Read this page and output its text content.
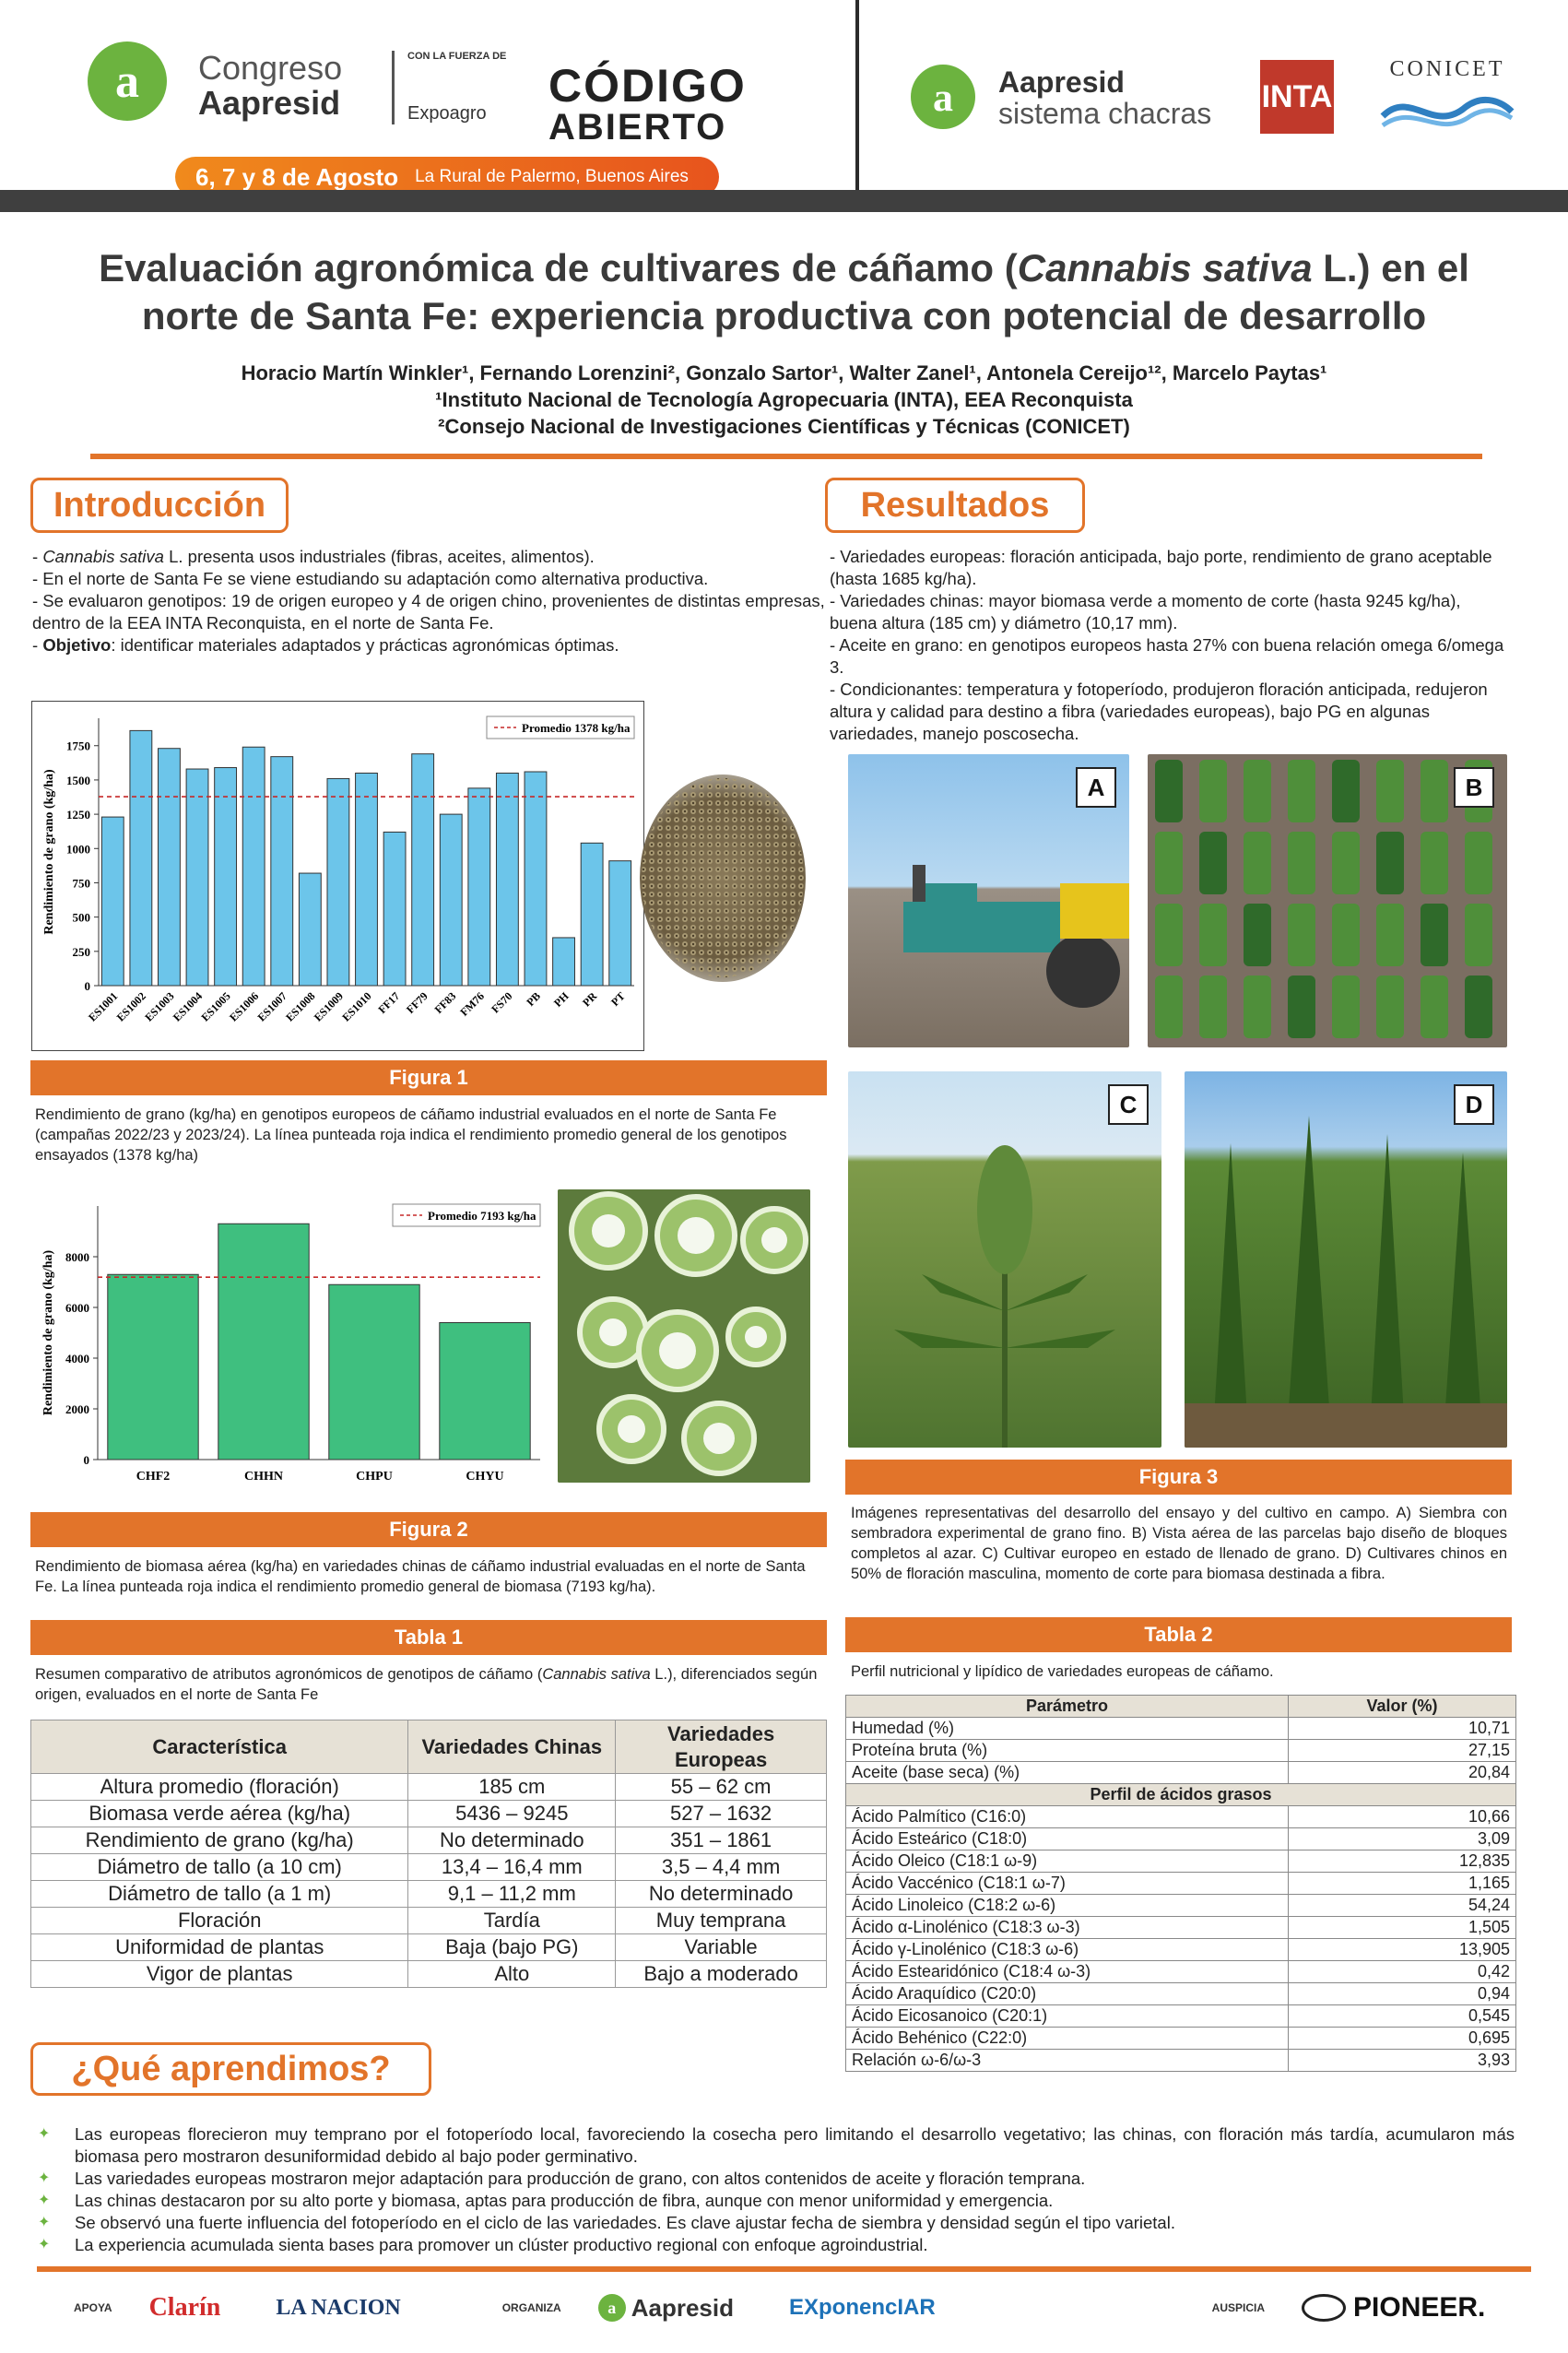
a	Congreso
Aapresid
CON LA FUERZA DE
Expoagro
CÓDIGO
ABIERTO
6, 7 y 8 de Agosto La Rural de Palermo, Buenos Aires
a	Aapresid
sistema chacras INTA
CONICET
Evaluación agronómica de cultivares de cáñamo (Cannabis sativa L.) en el
norte de Santa Fe: experiencia productiva con potencial de desarrollo
Horacio Martín Winkler¹, Fernando Lorenzini², Gonzalo Sartor¹, Walter Zanel¹, Antonela Cereijo¹², Marcelo Paytas¹
¹Instituto Nacional de Tecnología Agropecuaria (INTA), EEA Reconquista
²Consejo Nacional de Investigaciones Científicas y Técnicas (CONICET)
Introducción
- Cannabis sativa L. presenta usos industriales (fibras, aceites, alimentos).
- En el norte de Santa Fe se viene estudiando su adaptación como alternativa productiva.
- Se evaluaron genotipos: 19 de origen europeo y 4 de origen chino, provenientes de distintas empresas, dentro de la EEA INTA Reconquista, en el norte de Santa Fe.
- Objetivo: identificar materiales adaptados y prácticas agronómicas óptimas.
0
250
500
750
1000
1250
1500
1750
ES1001
ES1002
ES1003
ES1004
ES1005
ES1006
ES1007
ES1008
ES1009
ES1010 FF17 FF79 FF83 FM76 FS70 PB PH PR PT
Promedio 1378 kg/ha
Rendimiento de grano (kg/ha)
Figura 1
Rendimiento de grano (kg/ha) en genotipos europeos de cáñamo industrial evaluados en el norte de Santa Fe (campañas 2022/23 y 2023/24). La línea punteada roja indica el rendimiento promedio general de los genotipos ensayados (1378 kg/ha)
0
2000
4000
6000
8000
CHF2	CHHN	CHPU	CHYU
Promedio 7193 kg/ha
Rendimiento de grano (kg/ha)
Figura 2
Rendimiento de biomasa aérea (kg/ha) en variedades chinas de cáñamo industrial evaluadas en el norte de Santa Fe. La línea punteada roja indica el rendimiento promedio general de biomasa (7193 kg/ha).
Tabla 1
Resumen comparativo de atributos agronómicos de genotipos de cáñamo (Cannabis sativa L.), diferenciados según origen, evaluados en el norte de Santa Fe
Característica	Variedades Chinas	Variedades Europeas
Altura promedio (floración)	185 cm	55 – 62 cm
Biomasa verde aérea (kg/ha)	5436 – 9245	527 – 1632
Rendimiento de grano (kg/ha)	No determinado	351 – 1861
Diámetro de tallo (a 10 cm)	13,4 – 16,4 mm	3,5 – 4,4 mm
Diámetro de tallo (a 1 m)	9,1 – 11,2 mm	No determinado
Floración	Tardía	Muy temprana
Uniformidad de plantas	Baja (bajo PG)	Variable
Vigor de plantas	Alto	Bajo a moderado
Resultados
- Variedades europeas: floración anticipada, bajo porte, rendimiento de grano aceptable (hasta 1685 kg/ha).
- Variedades chinas: mayor biomasa verde a momento de corte (hasta 9245 kg/ha), buena altura (185 cm) y diámetro (10,17 mm).
- Aceite en grano: en genotipos europeos hasta 27% con buena relación omega 6/omega 3.
- Condicionantes: temperatura y fotoperíodo, produjeron floración anticipada, redujeron altura y calidad para destino a fibra (variedades europeas), bajo PG en algunas variedades, manejo poscosecha.
A	B
C	D
Figura 3
Imágenes representativas del desarrollo del ensayo y del cultivo en campo. A) Siembra con sembradora experimental de grano fino. B) Vista aérea de las parcelas bajo diseño de bloques completos al azar. C) Cultivar europeo en estado de llenado de grano. D) Cultivares chinos en 50% de floración masculina, momento de corte para biomasa destinada a fibra.
Tabla 2
Perfil nutricional y lipídico de variedades europeas de cáñamo.
Parámetro	Valor (%)
Humedad (%)	10,71
Proteína bruta (%)	27,15
Aceite (base seca) (%)	20,84
Perfil de ácidos grasos	
Ácido Palmítico (C16:0)	10,66
Ácido Esteárico (C18:0)	3,09
Ácido Oleico (C18:1 ω-9)	12,835
Ácido Vaccénico (C18:1 ω-7)	1,165
Ácido Linoleico (C18:2 ω-6)	54,24
Ácido α-Linolénico (C18:3 ω-3)	1,505
Ácido γ-Linolénico (C18:3 ω-6)	13,905
Ácido Estearidónico (C18:4 ω-3)	0,42
Ácido Araquídico (C20:0)	0,94
Ácido Eicosanoico (C20:1)	0,545
Ácido Behénico (C22:0)	0,695
Relación ω-6/ω-3	3,93
¿Qué aprendimos?
✦ Las europeas florecieron muy temprano por el fotoperíodo local, favoreciendo la cosecha pero limitando el desarrollo vegetativo; las chinas, con floración más tardía, acumularon más biomasa pero mostraron desuniformidad debido al bajo poder germinativo.
✦ Las variedades europeas mostraron mejor adaptación para producción de grano, con altos contenidos de aceite y floración temprana.
✦ Las chinas destacaron por su alto porte y biomasa, aptas para producción de fibra, aunque con menor uniformidad y emergencia.
✦ Se observó una fuerte influencia del fotoperíodo en el ciclo de las variedades. Es clave ajustar fecha de siembra y densidad según el tipo varietal.
✦ La experiencia acumulada sienta bases para promover un clúster productivo regional con enfoque agroindustrial.
APOYA Clarín	LA NACION	ORGANIZA	a Aapresid	EXponencIAR	AUSPICIA	PIONEER.
